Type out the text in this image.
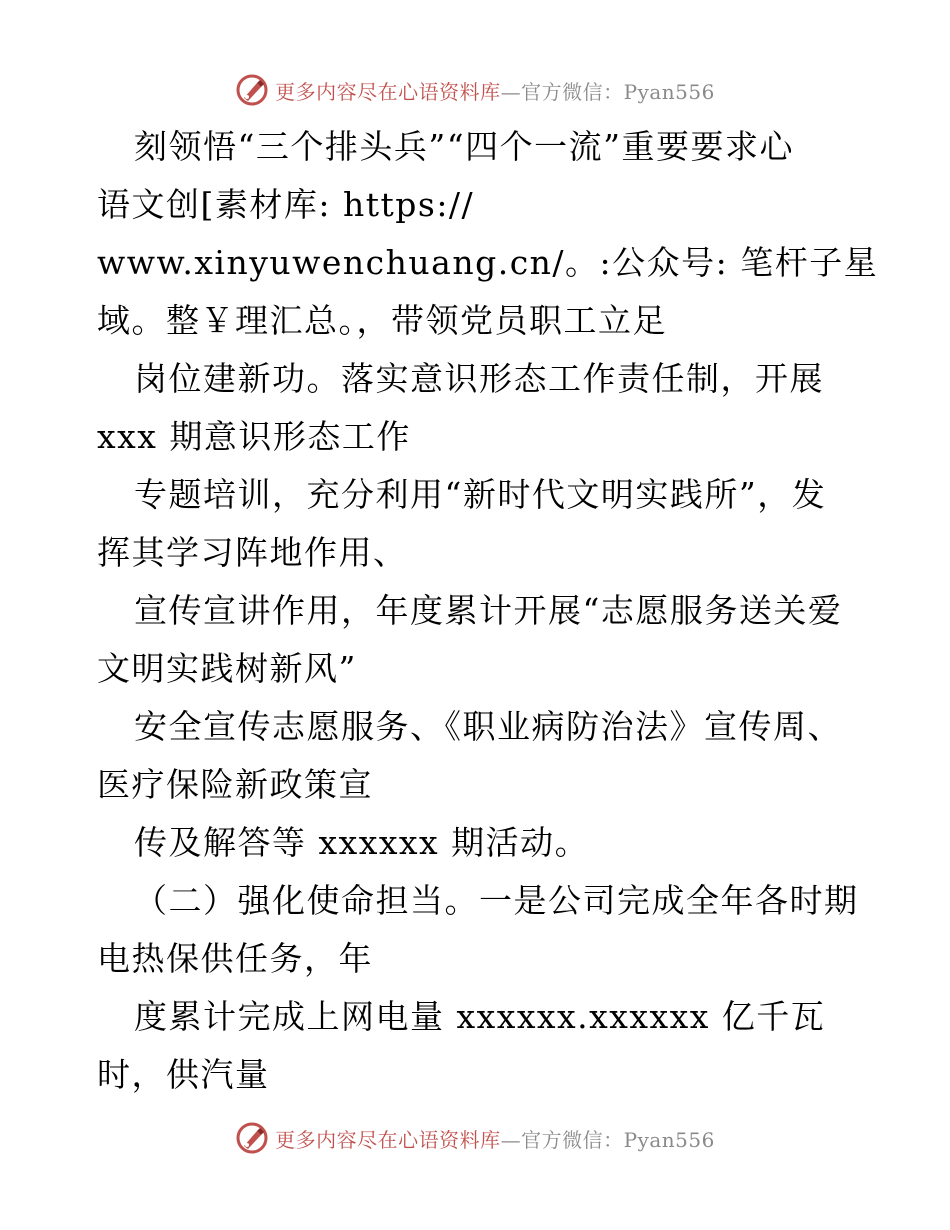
更多内容尽在心语资料库—官方微信：Pyan556
刻领悟“三个排头兵”“四个一流”重要要求心
语文创[素材库: https://
www.xinyuwenchuang.cn/。:公众号: 笔杆子星
域。整￥理汇总。，带领党员职工立足
岗位建新功。落实意识形态工作责任制，开展
xxx 期意识形态工作
专题培训，充分利用“新时代文明实践所”，发
挥其学习阵地作用、
宣传宣讲作用，年度累计开展“志愿服务送关爱
文明实践树新风”
安全宣传志愿服务、《职业病防治法》宣传周、
医疗保险新政策宣
传及解答等 xxxxxx 期活动。
（二）强化使命担当。一是公司完成全年各时期
电热保供任务，年
度累计完成上网电量 xxxxxx.xxxxxx 亿千瓦
时，供汽量
更多内容尽在心语资料库—官方微信：Pyan556
